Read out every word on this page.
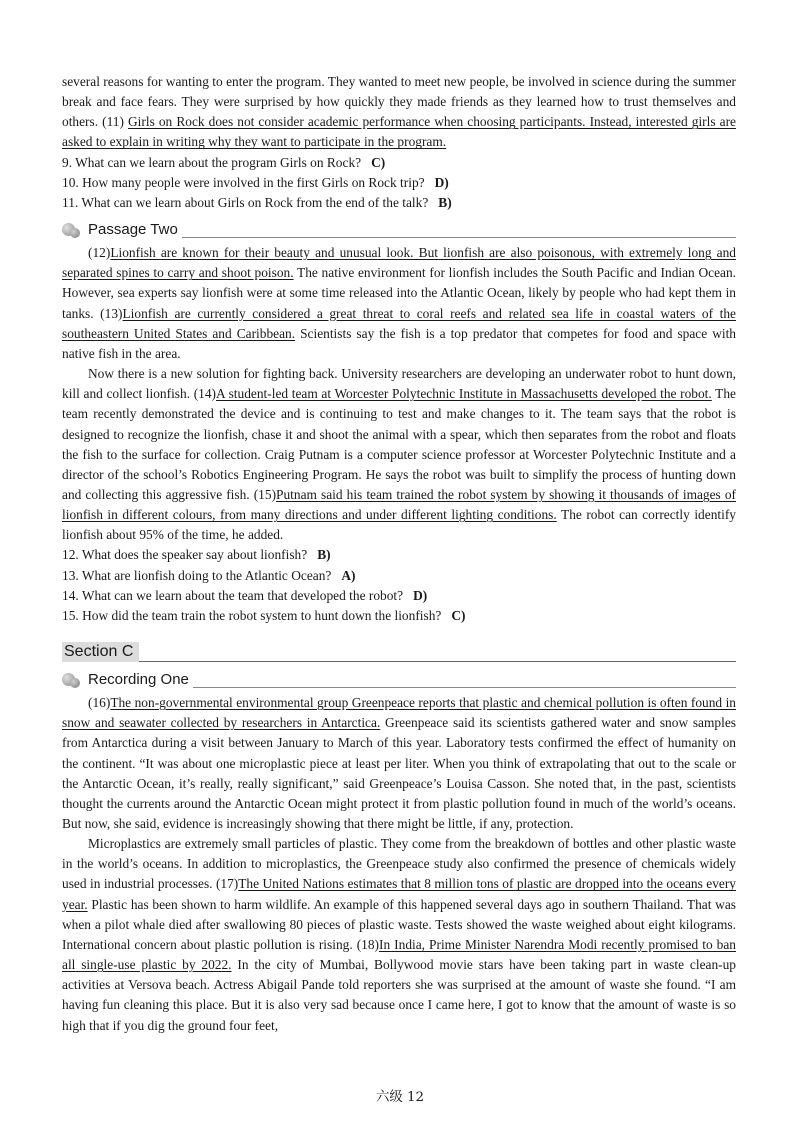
several reasons for wanting to enter the program. They wanted to meet new people, be involved in science during the summer break and face fears. They were surprised by how quickly they made friends as they learned how to trust themselves and others. (11) Girls on Rock does not consider academic performance when choosing participants. Instead, interested girls are asked to explain in writing why they want to participate in the program.

9. What can we learn about the program Girls on Rock? C)

10. How many people were involved in the first Girls on Rock trip? D)

11. What can we learn about Girls on Rock from the end of the talk? B)

Passage Two

(12)Lionfish are known for their beauty and unusual look. But lionfish are also poisonous, with extremely long and separated spines to carry and shoot poison. The native environment for lionfish includes the South Pacific and Indian Ocean. However, sea experts say lionfish were at some time released into the Atlantic Ocean, likely by people who had kept them in tanks. (13)Lionfish are currently considered a great threat to coral reefs and related sea life in coastal waters of the southeastern United States and Caribbean. Scientists say the fish is a top predator that competes for food and space with native fish in the area.

Now there is a new solution for fighting back. University researchers are developing an underwater robot to hunt down, kill and collect lionfish. (14)A student-led team at Worcester Polytechnic Institute in Massachusetts developed the robot. The team recently demonstrated the device and is continuing to test and make changes to it. The team says that the robot is designed to recognize the lionfish, chase it and shoot the animal with a spear, which then separates from the robot and floats the fish to the surface for collection. Craig Putnam is a computer science professor at Worcester Polytechnic Institute and a director of the school’s Robotics Engineering Program. He says the robot was built to simplify the process of hunting down and collecting this aggressive fish. (15)Putnam said his team trained the robot system by showing it thousands of images of lionfish in different colours, from many directions and under different lighting conditions. The robot can correctly identify lionfish about 95% of the time, he added.

12. What does the speaker say about lionfish? B)

13. What are lionfish doing to the Atlantic Ocean? A)

14. What can we learn about the team that developed the robot? D)

15. How did the team train the robot system to hunt down the lionfish? C)

Section C
Recording One

(16)The non-governmental environmental group Greenpeace reports that plastic and chemical pollution is often found in snow and seawater collected by researchers in Antarctica. Greenpeace said its scientists gathered water and snow samples from Antarctica during a visit between January to March of this year. Laboratory tests confirmed the effect of humanity on the continent. “It was about one microplastic piece at least per liter. When you think of extrapolating that out to the scale or the Antarctic Ocean, it’s really, really significant,” said Greenpeace’s Louisa Casson. She noted that, in the past, scientists thought the currents around the Antarctic Ocean might protect it from plastic pollution found in much of the world’s oceans. But now, she said, evidence is increasingly showing that there might be little, if any, protection.

Microplastics are extremely small particles of plastic. They come from the breakdown of bottles and other plastic waste in the world’s oceans. In addition to microplastics, the Greenpeace study also confirmed the presence of chemicals widely used in industrial processes. (17)The United Nations estimates that 8 million tons of plastic are dropped into the oceans every year. Plastic has been shown to harm wildlife. An example of this happened several days ago in southern Thailand. That was when a pilot whale died after swallowing 80 pieces of plastic waste. Tests showed the waste weighed about eight kilograms. International concern about plastic pollution is rising. (18)In India, Prime Minister Narendra Modi recently promised to ban all single-use plastic by 2022. In the city of Mumbai, Bollywood movie stars have been taking part in waste clean-up activities at Versova beach. Actress Abigail Pande told reporters she was surprised at the amount of waste she found. “I am having fun cleaning this place. But it is also very sad because once I came here, I got to know that the amount of waste is so high that if you dig the ground four feet,

六级 12
